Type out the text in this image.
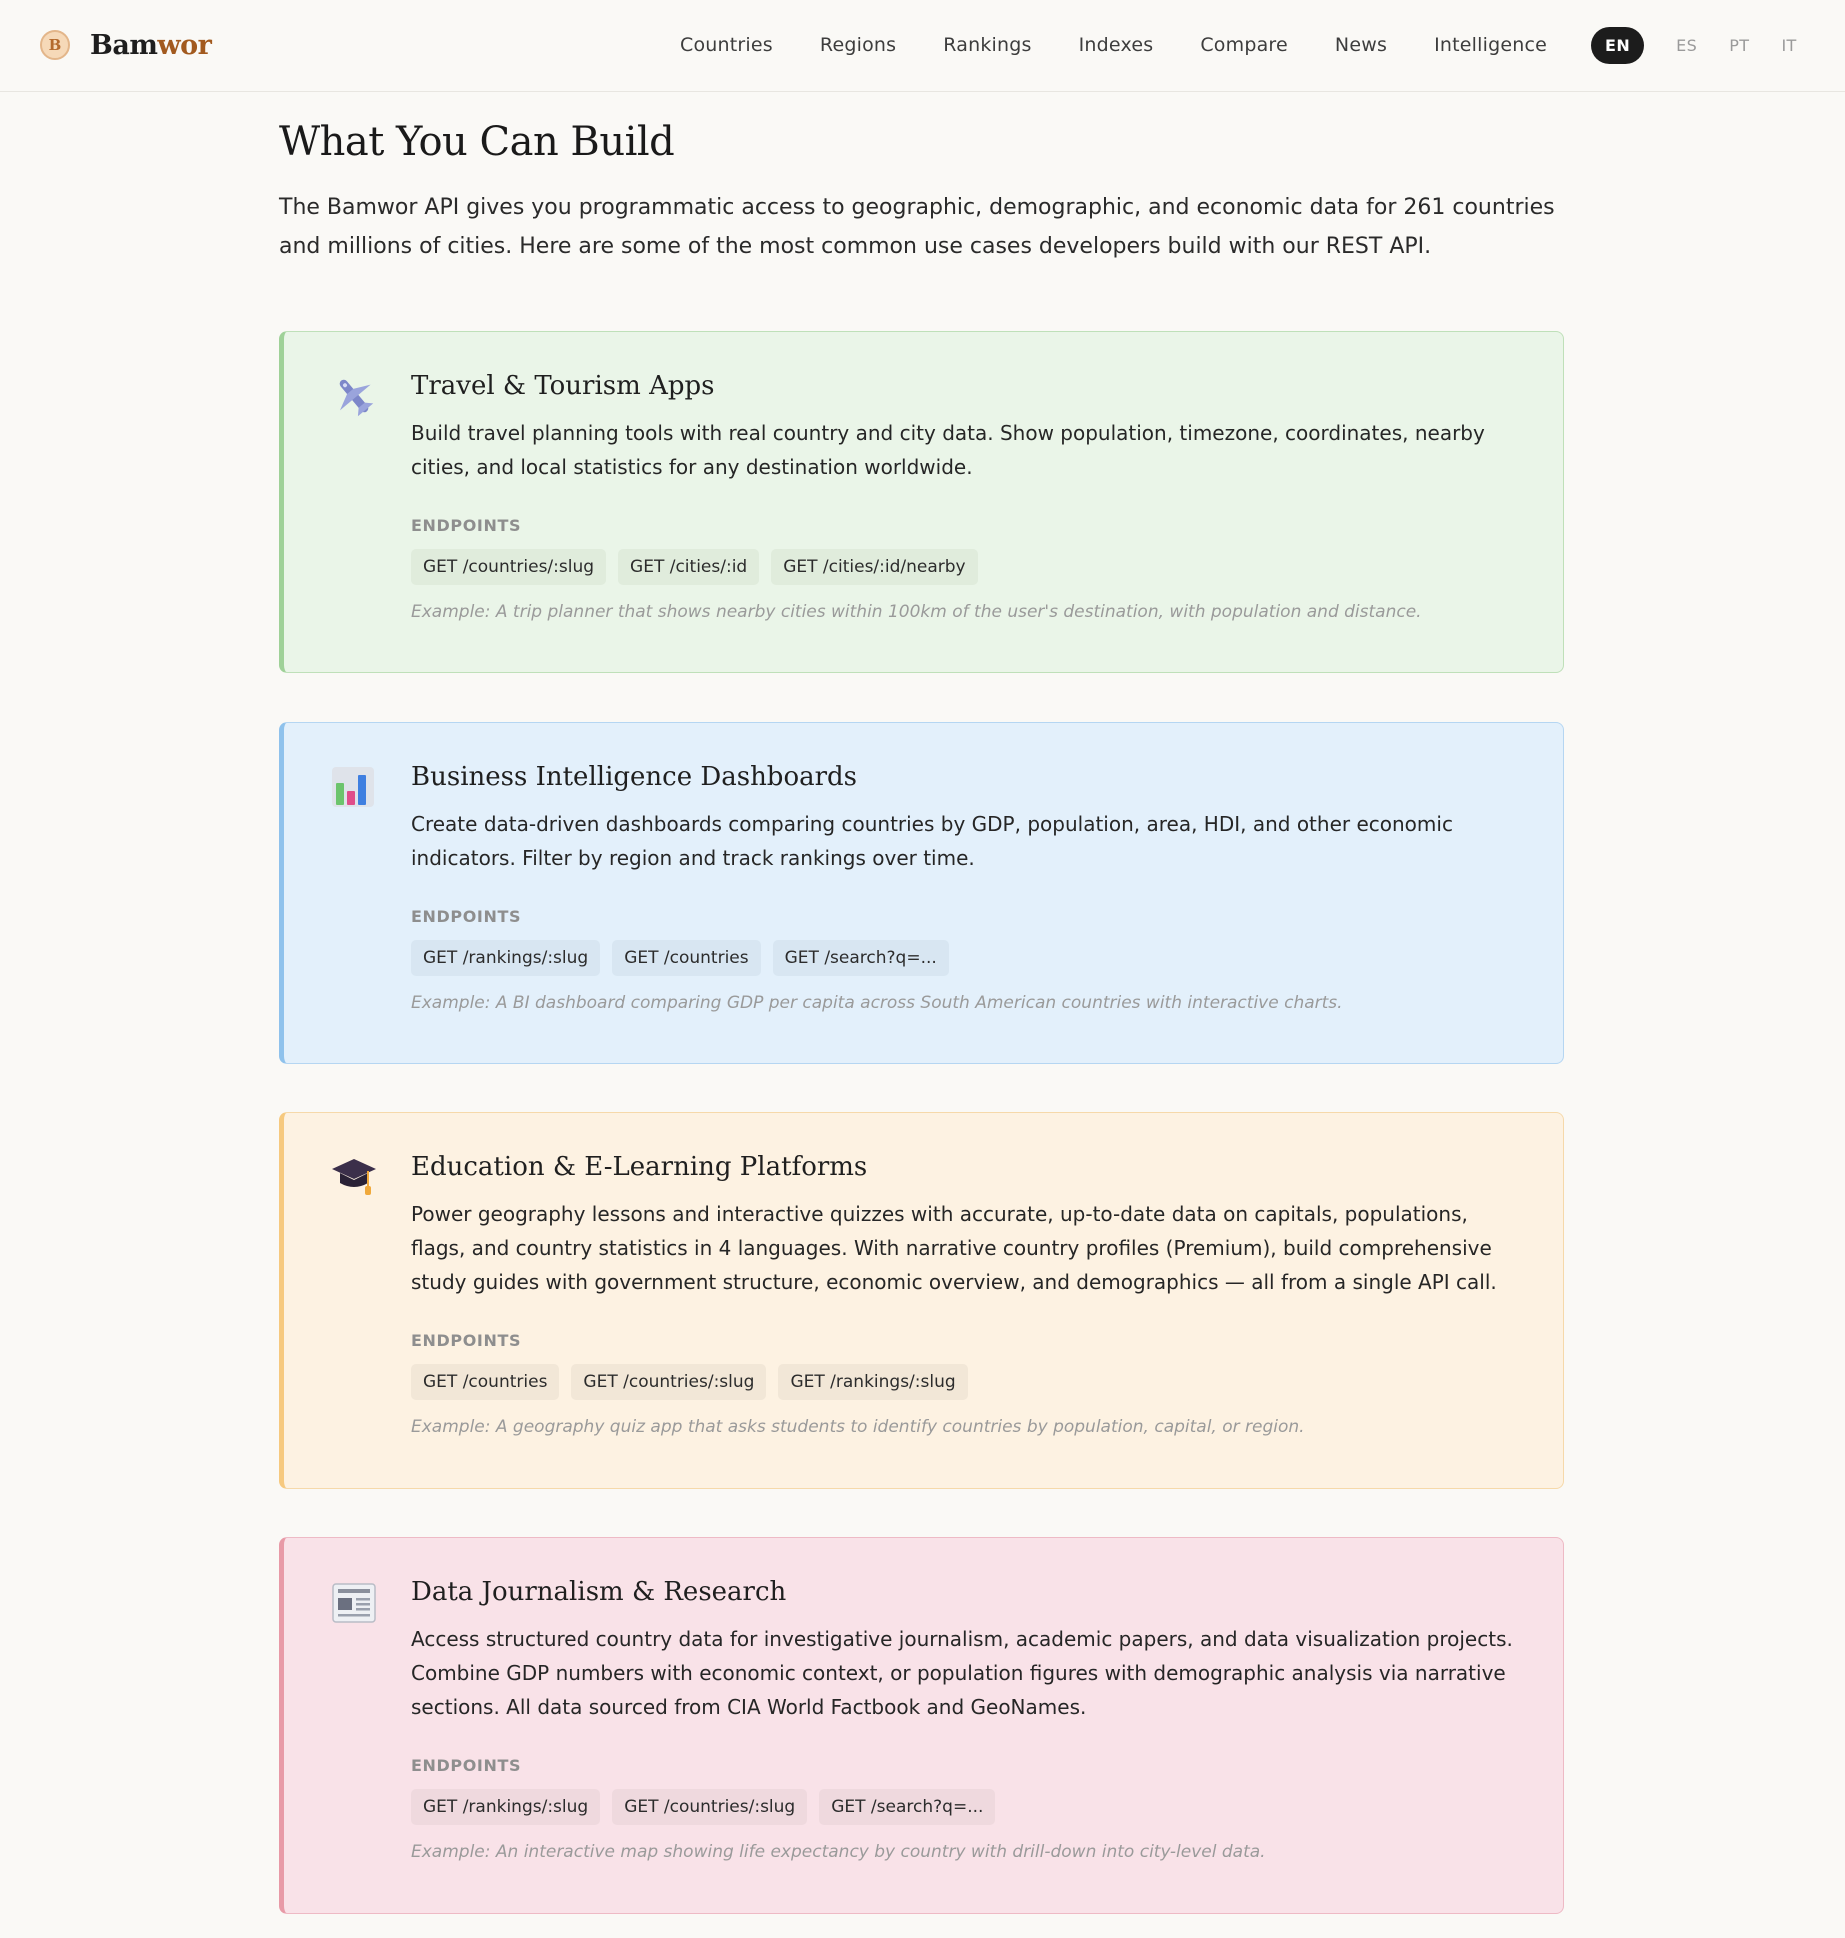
B	Bamwor	Countries Regions Rankings Indexes Compare News Intelligence	EN	ES PT IT
What You Can Build

The Bamwor API gives you programmatic access to geographic, demographic, and economic data for 261 countries and millions of cities. Here are some of the most common use cases developers build with our REST API.

Travel & Tourism Apps

Build travel planning tools with real country and city data. Show population, timezone, coordinates, nearby cities, and local statistics for any destination worldwide.

ENDPOINTS
GET /countries/:slug	GET /cities/:id	GET /cities/:id/nearby

Example: A trip planner that shows nearby cities within 100km of the user's destination, with population and distance.

Business Intelligence Dashboards

Create data-driven dashboards comparing countries by GDP, population, area, HDI, and other economic indicators. Filter by region and track rankings over time.

ENDPOINTS
GET /rankings/:slug	GET /countries	GET /search?q=...

Example: A BI dashboard comparing GDP per capita across South American countries with interactive charts.

Education & E-Learning Platforms

Power geography lessons and interactive quizzes with accurate, up-to-date data on capitals, populations, flags, and country statistics in 4 languages. With narrative country profiles (Premium), build comprehensive study guides with government structure, economic overview, and demographics — all from a single API call.

ENDPOINTS
GET /countries	GET /countries/:slug	GET /rankings/:slug

Example: A geography quiz app that asks students to identify countries by population, capital, or region.

Data Journalism & Research

Access structured country data for investigative journalism, academic papers, and data visualization projects. Combine GDP numbers with economic context, or population figures with demographic analysis via narrative sections. All data sourced from CIA World Factbook and GeoNames.

ENDPOINTS
GET /rankings/:slug	GET /countries/:slug	GET /search?q=...

Example: An interactive map showing life expectancy by country with drill-down into city-level data.
